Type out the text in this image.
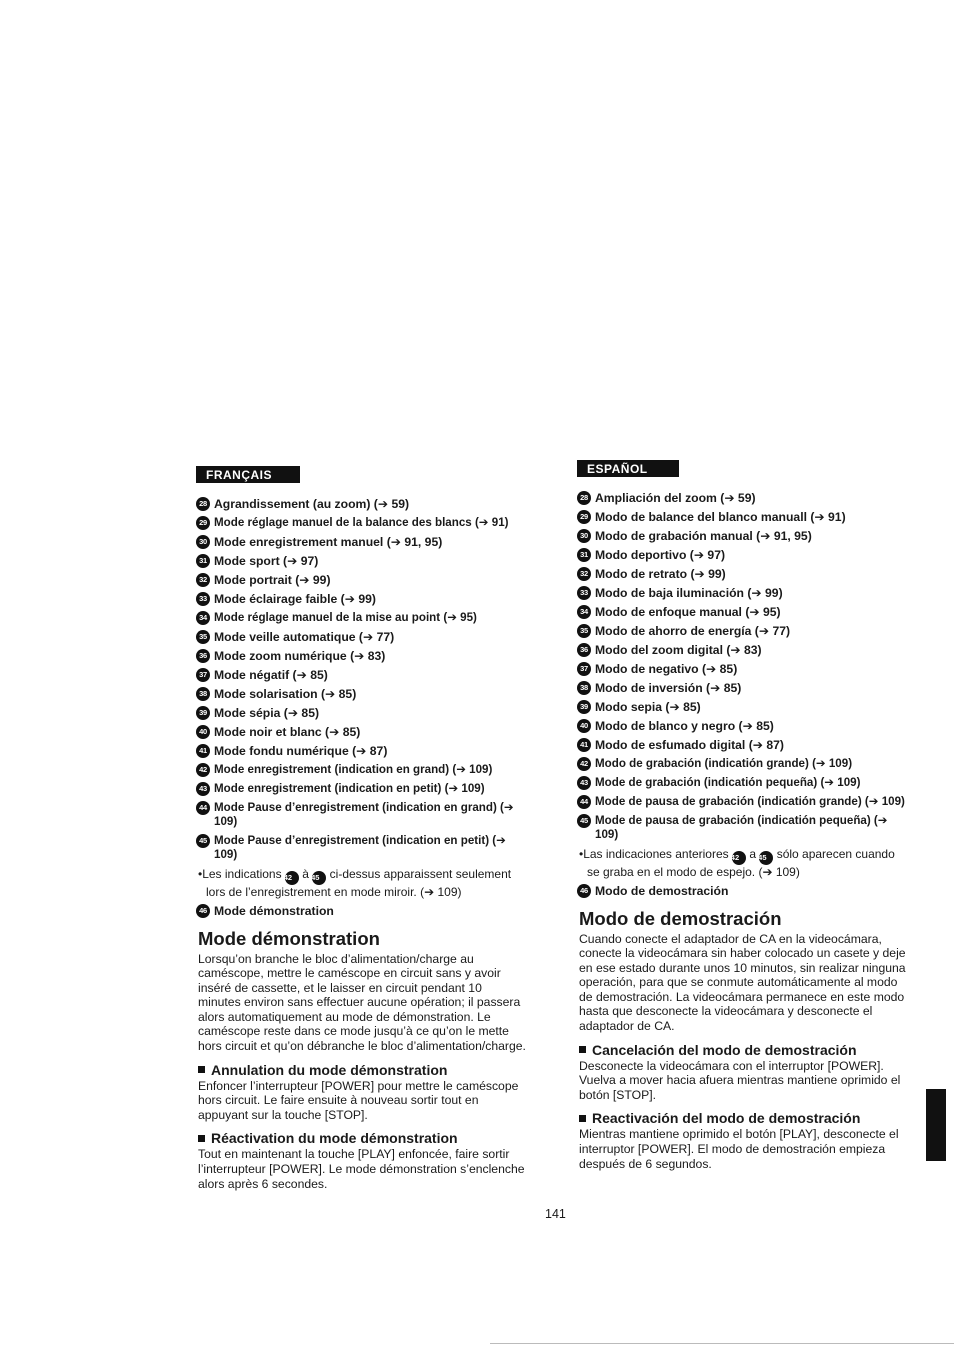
FRANÇAIS
28 Agrandissement (au zoom) (➔ 59)
29 Mode réglage manuel de la balance des blancs (➔ 91)
30 Mode enregistrement manuel (➔ 91, 95)
31 Mode sport (➔ 97)
32 Mode portrait (➔ 99)
33 Mode éclairage faible (➔ 99)
34 Mode réglage manuel de la mise au point (➔ 95)
35 Mode veille automatique (➔ 77)
36 Mode zoom numérique (➔ 83)
37 Mode négatif (➔ 85)
38 Mode solarisation (➔ 85)
39 Mode sépia (➔ 85)
40 Mode noir et blanc (➔ 85)
41 Mode fondu numérique (➔ 87)
42 Mode enregistrement (indication en grand) (➔ 109)
43 Mode enregistrement (indication en petit) (➔ 109)
44 Mode Pause d’enregistrement (indication en grand) (➔ 109)
45 Mode Pause d’enregistrement (indication en petit) (➔ 109)
•Les indications 42 à 45 ci-dessus apparaissent seulement lors de l’enregistrement en mode miroir. (➔ 109)
46 Mode démonstration
Mode démonstration
Lorsqu’on branche le bloc d’alimentation/charge au caméscope, mettre le caméscope en circuit sans y avoir inséré de cassette, et le laisser en circuit pendant 10 minutes environ sans effectuer aucune opération; il passera alors automatiquement au mode de démonstration. Le caméscope reste dans ce mode jusqu’à ce qu’on le mette hors circuit et qu’on débranche le bloc d’alimentation/charge.
Annulation du mode démonstration
Enfoncer l’interrupteur [POWER] pour mettre le caméscope hors circuit. Le faire ensuite à nouveau sortir tout en appuyant sur la touche [STOP].
Réactivation du mode démonstration
Tout en maintenant la touche [PLAY] enfoncée, faire sortir l’interrupteur [POWER]. Le mode démonstration s’enclenche alors après 6 secondes.
ESPAÑOL
28 Ampliación del zoom (➔ 59)
29 Modo de balance del blanco manuall (➔ 91)
30 Modo de grabación manual (➔ 91, 95)
31 Modo deportivo (➔ 97)
32 Modo de retrato (➔ 99)
33 Modo de baja iluminación (➔ 99)
34 Modo de enfoque manual (➔ 95)
35 Modo de ahorro de energía (➔ 77)
36 Modo del zoom digital (➔ 83)
37 Modo de negativo (➔ 85)
38 Modo de inversión (➔ 85)
39 Modo sepia (➔ 85)
40 Modo de blanco y negro (➔ 85)
41 Modo de esfumado digital (➔ 87)
42 Modo de grabación (indicatión grande) (➔ 109)
43 Mode de grabación (indicatión pequeña) (➔ 109)
44 Mode de pausa de grabación (indicatión grande) (➔ 109)
45 Mode de pausa de grabación (indicatión pequeña) (➔ 109)
•Las indicaciones anteriores 42 a 45 sólo aparecen cuando se graba en el modo de espejo. (➔ 109)
46 Modo de demostración
Modo de demostración
Cuando conecte el adaptador de CA en la videocámara, conecte la videocámara sin haber colocado un casete y deje en ese estado durante unos 10 minutos, sin realizar ninguna operación, para que se conmute automáticamente al modo de demostración. La videocámara permanece en este modo hasta que desconecte la videocámara y desconecte el adaptador de CA.
Cancelación del modo de demostración
Desconecte la videocámara con el interruptor [POWER]. Vuelva a mover hacia afuera mientras mantiene oprimido el botón [STOP].
Reactivación del modo de demostración
Mientras mantiene oprimido el botón [PLAY], desconecte el interruptor [POWER]. El modo de demostración empieza después de 6 segundos.
141
